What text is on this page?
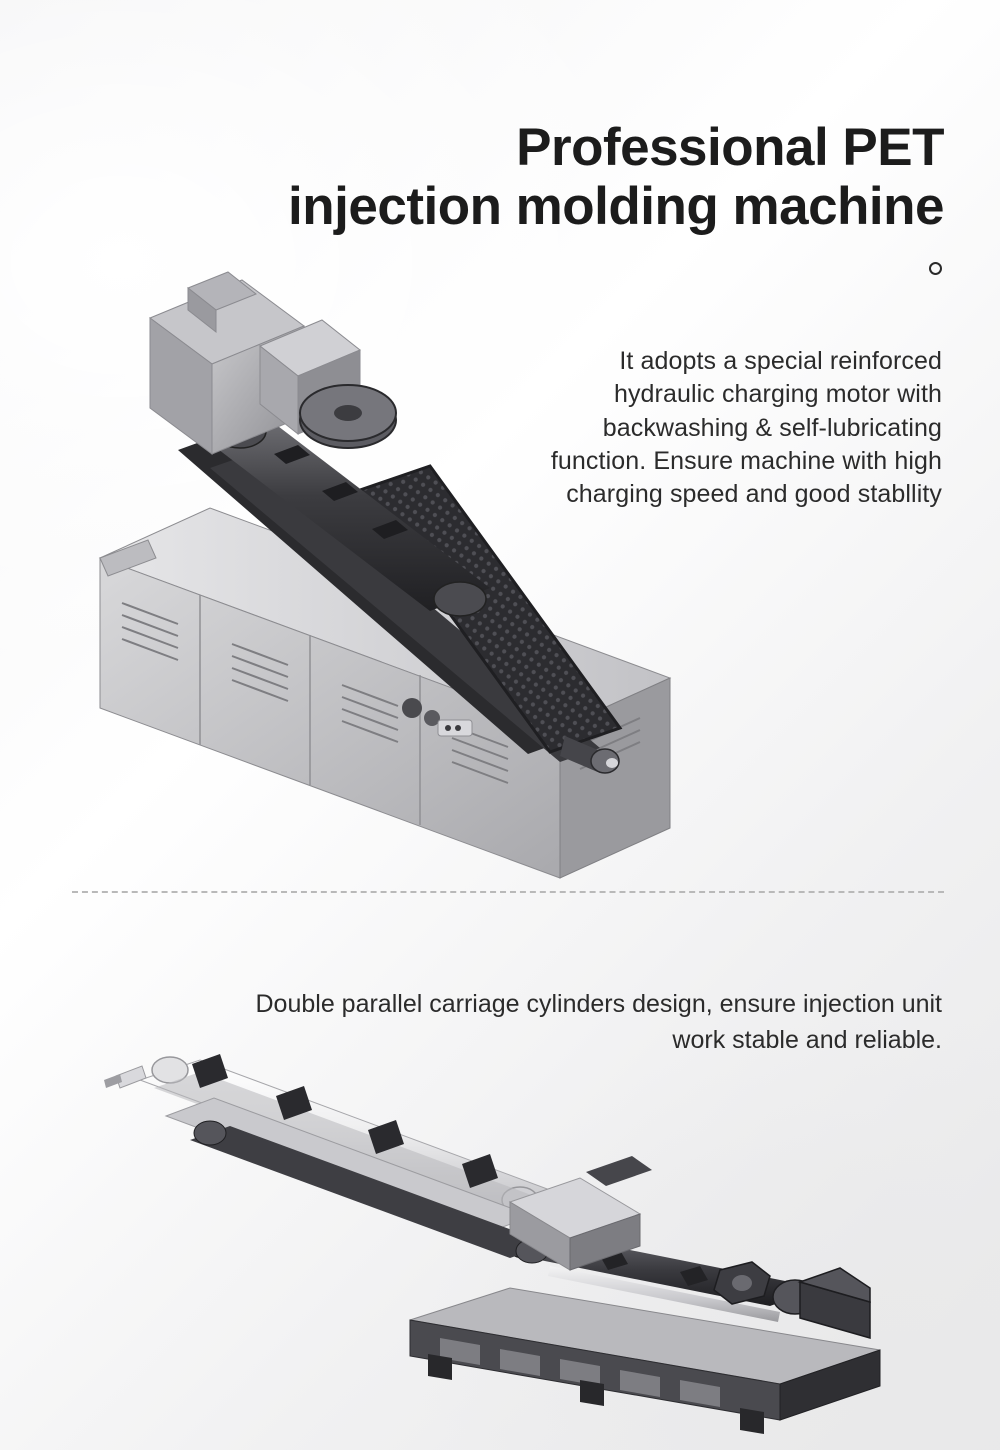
Professional PET
injection molding machine

It adopts a special reinforced hydraulic charging motor with backwashing & self-lubricating function. Ensure machine with high charging speed and good stabllity

Double parallel carriage cylinders design, ensure injection unit work stable and reliable.
